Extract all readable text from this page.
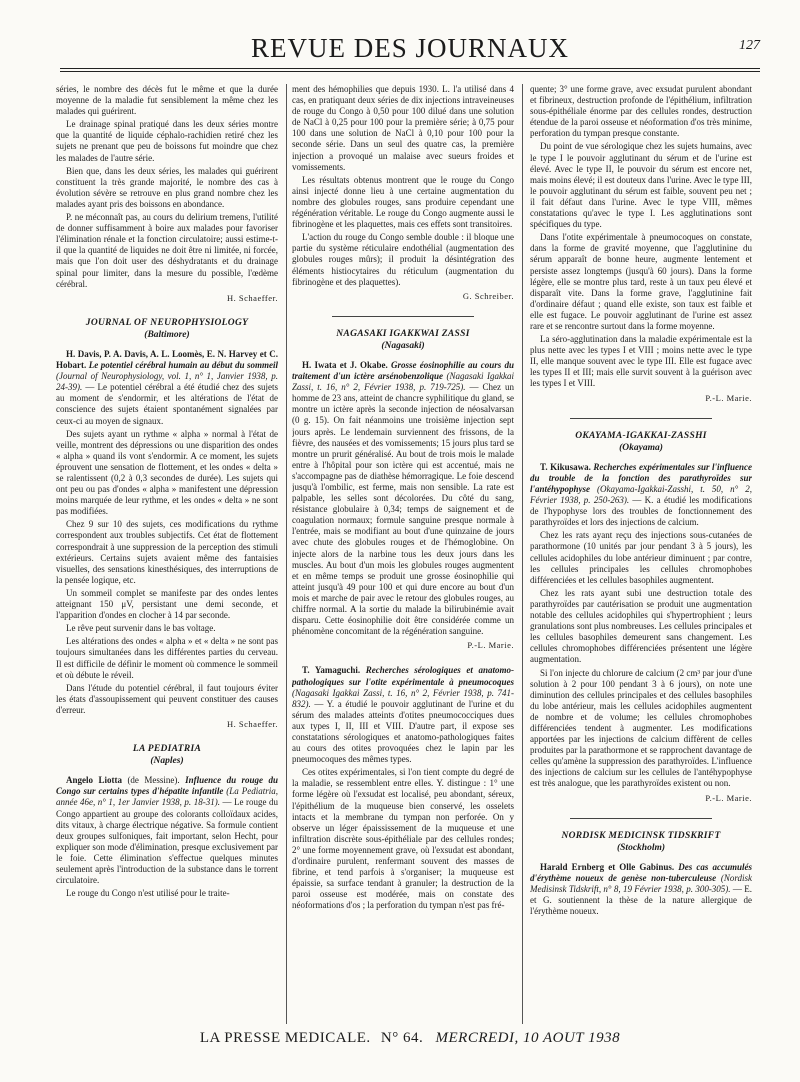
REVUE DES JOURNAUX	127

séries, le nombre des décès fut le même et que la durée moyenne de la maladie fut sensiblement la même chez les malades qui guérirent.

Le drainage spinal pratiqué dans les deux séries montre que la quantité de liquide céphalo-rachidien retiré chez les sujets ne prenant que peu de boissons fut moindre que chez les malades de l'autre série.

Bien que, dans les deux séries, les malades qui guérirent constituent la très grande majorité, le nombre des cas à évolution sévère se retrouve en plus grand nombre chez les malades ayant pris des boissons en abondance.

P. ne méconnaît pas, au cours du delirium tremens, l'utilité de donner suffisamment à boire aux malades pour favoriser l'élimination rénale et la fonction circulatoire; aussi estime-t-il que la quantité de liquides ne doit être ni limitée, ni forcée, mais que l'on doit user des déshydratants et du drainage spinal pour limiter, dans la mesure du possible, l'œdème cérébral.

H. Schaeffer.
JOURNAL OF NEUROPHYSIOLOGY
(Baltimore)

H. Davis, P. A. Davis, A. L. Loomès, E. N. Harvey et C. Hobart. Le potentiel cérébral humain au début du sommeil (Journal of Neurophysiology, vol. 1, n° 1, Janvier 1938, p. 24-39). — Le potentiel cérébral a été étudié chez des sujets au moment de s'endormir, et les altérations de l'état de conscience des sujets étaient spontanément signalées par ceux-ci au moyen de signaux.

Des sujets ayant un rythme « alpha » normal à l'état de veille, montrent des dépressions ou une disparition des ondes « alpha » quand ils vont s'endormir. A ce moment, les sujets éprouvent une sensation de flottement, et les ondes « delta » se ralentissent (0,2 à 0,3 secondes de durée). Les sujets qui ont peu ou pas d'ondes « alpha » manifestent une dépression moins marquée de leur rythme, et les ondes « delta » ne sont pas modifiées.

Chez 9 sur 10 des sujets, ces modifications du rythme correspondent aux troubles subjectifs. Cet état de flottement correspondrait à une suppression de la perception des stimuli extérieurs. Certains sujets avaient même des fantaisies visuelles, des sensations kinesthésiques, des interruptions de la pensée logique, etc.

Un sommeil complet se manifeste par des ondes lentes atteignant 150 μV, persistant une demi seconde, et l'apparition d'ondes en clocher à 14 par seconde.

Le rêve peut survenir dans le bas voltage.

Les altérations des ondes « alpha » et « delta » ne sont pas toujours simultanées dans les différentes parties du cerveau. Il est difficile de définir le moment où commence le sommeil et où débute le réveil.

Dans l'étude du potentiel cérébral, il faut toujours éviter les états d'assoupissement qui peuvent constituer des causes d'erreur.

H. Schaeffer.
LA PEDIATRIA
(Naples)

Angelo Liotta (de Messine). Influence du rouge du Congo sur certains types d'hépatite infantile (La Pediatria, année 46e, n° 1, 1er Janvier 1938, p. 18-31). — Le rouge du Congo appartient au groupe des colorants colloïdaux acides, dits vitaux, à charge électrique négative. Sa formule contient deux groupes sulfoniques, fait important, selon Hecht, pour expliquer son mode d'élimination, presque exclusivement par le foie. Cette élimination s'effectue quelques minutes seulement après l'introduction de la substance dans le torrent circulatoire.

Le rouge du Congo n'est utilisé pour le traite-

ment des hémophilies que depuis 1930. L. l'a utilisé dans 4 cas, en pratiquant deux séries de dix injections intraveineuses de rouge du Congo à 0,50 pour 100 dilué dans une solution de NaCl à 0,25 pour 100 pour la première série; à 0,75 pour 100 dans une solution de NaCl à 0,10 pour 100 pour la seconde série. Dans un seul des quatre cas, la première injection a provoqué un malaise avec sueurs froides et vomissements.

Les résultats obtenus montrent que le rouge du Congo ainsi injecté donne lieu à une certaine augmentation du nombre des globules rouges, sans produire cependant une régénération véritable. Le rouge du Congo augmente aussi le fibrinogène et les plaquettes, mais ces effets sont transitoires.

L'action du rouge du Congo semble double : il bloque une partie du système réticulaire endothélial (augmentation des globules rouges mûrs); il produit la désintégration des éléments histiocytaires du réticulum (augmentation du fibrinogène et des plaquettes).

G. Schreiber.
NAGASAKI IGAKKWAI ZASSI
(Nagasaki)

H. Iwata et J. Okabe. Grosse éosinophilie au cours du traitement d'un ictère arsénobenzolique (Nagasaki Igakkai Zassi, t. 16, n° 2, Février 1938, p. 719-725). — Chez un homme de 23 ans, atteint de chancre syphilitique du gland, se montre un ictère après la seconde injection de néosalvarsan (0 g. 15). On fait néanmoins une troisième injection sept jours après. Le lendemain surviennent des frissons, de la fièvre, des nausées et des vomissements; 15 jours plus tard se montre un prurit généralisé. Au bout de trois mois le malade entre à l'hôpital pour son ictère qui est accentué, mais ne s'accompagne pas de diathèse hémorragique. Le foie descend jusqu'à l'ombilic, est ferme, mais non sensible. La rate est palpable, les selles sont décolorées. Du côté du sang, résistance globulaire à 0,34; temps de saignement et de coagulation normaux; formule sanguine presque normale à l'entrée, mais se modifiant au bout d'une quinzaine de jours avec chute des globules rouges et de l'hémoglobine. On injecte alors de la narbine tous les deux jours dans les muscles. Au bout d'un mois les globules rouges augmentent et en même temps se produit une grosse éosinophilie qui atteint jusqu'à 49 pour 100 et qui dure encore au bout d'un mois et marche de pair avec le retour des globules rouges, au chiffre normal. A la sortie du malade la bilirubinémie avait disparu. Cette éosinophilie doit être considérée comme un phénomène concomitant de la régénération sanguine.

P.-L. Marie.

T. Yamaguchi. Recherches sérologiques et anatomo-pathologiques sur l'otite expérimentale à pneumocoques (Nagasaki Igakkai Zassi, t. 16, n° 2, Février 1938, p. 741-832). — Y. a étudié le pouvoir agglutinant de l'urine et du sérum des malades atteints d'otites pneumococciques dues aux types I, II, III et VIII. D'autre part, il expose ses constatations sérologiques et anatomo-pathologiques faites au cours des otites provoquées chez le lapin par les pneumocoques des mêmes types.

Ces otites expérimentales, si l'on tient compte du degré de la maladie, se ressemblent entre elles. Y. distingue : 1° une forme légère où l'exsudat est localisé, peu abondant, séreux, l'épithélium de la muqueuse bien conservé, les osselets intacts et la membrane du tympan non perforée. On y observe un léger épaississement de la muqueuse et une infiltration discrète sous-épithéliale par des cellules rondes; 2° une forme moyennement grave, où l'exsudat est abondant, d'ordinaire purulent, renfermant souvent des masses de fibrine, et tend parfois à s'organiser; la muqueuse est épaissie, sa surface tendant à granuler; la destruction de la paroi osseuse est modérée, mais on constate des néoformations d'os ; la perforation du tympan n'est pas fré-

quente; 3° une forme grave, avec exsudat purulent abondant et fibrineux, destruction profonde de l'épithélium, infiltration sous-épithéliale énorme par des cellules rondes, destruction étendue de la paroi osseuse et néoformation d'os très minime, perforation du tympan presque constante.

Du point de vue sérologique chez les sujets humains, avec le type I le pouvoir agglutinant du sérum et de l'urine est élevé. Avec le type II, le pouvoir du sérum est encore net, mais moins élevé; il est douteux dans l'urine. Avec le type III, le pouvoir agglutinant du sérum est faible, souvent peu net ; il fait défaut dans l'urine. Avec le type VIII, mêmes constatations qu'avec le type I. Les agglutinations sont spécifiques du type.

Dans l'otite expérimentale à pneumocoques on constate, dans la forme de gravité moyenne, que l'agglutinine du sérum apparaît de bonne heure, augmente lentement et persiste assez longtemps (jusqu'à 60 jours). Dans la forme légère, elle se montre plus tard, reste à un taux peu élevé et disparaît vite. Dans la forme grave, l'agglutinine fait d'ordinaire défaut ; quand elle existe, son taux est faible et elle est fugace. Le pouvoir agglutinant de l'urine est assez rare et se rencontre surtout dans la forme moyenne.

La séro-agglutination dans la maladie expérimentale est la plus nette avec les types I et VIII ; moins nette avec le type II, elle manque souvent avec le type III. Elle est fugace avec les types II et III; mais elle survit souvent à la guérison avec les types I et VIII.

P.-L. Marie.
OKAYAMA-IGAKKAI-ZASSHI
(Okayama)

T. Kikusawa. Recherches expérimentales sur l'influence du trouble de la fonction des parathyroïdes sur l'antéhypophyse (Okayama-Igakkai-Zasshi, t. 50, n° 2, Février 1938, p. 250-263). — K. a étudié les modifications de l'hypophyse lors des troubles de fonctionnement des parathyroïdes et lors des injections de calcium.

Chez les rats ayant reçu des injections sous-cutanées de parathormone (10 unités par jour pendant 3 à 5 jours), les cellules acidophiles du lobe antérieur diminuent ; par contre, les cellules principales les cellules chromophobes différenciées et les cellules basophiles augmentent.

Chez les rats ayant subi une destruction totale des parathyroïdes par cautérisation se produit une augmentation notable des cellules acidophiles qui s'hypertrophient ; leurs granulations sont plus nombreuses. Les cellules principales et les cellules basophiles demeurent sans changement. Les cellules chromophobes différenciées présentent une légère augmentation.

Si l'on injecte du chlorure de calcium (2 cm³ par jour d'une solution à 2 pour 100 pendant 3 à 6 jours), on note une diminution des cellules principales et des cellules basophiles du lobe antérieur, mais les cellules acidophiles augmentent de nombre et de volume; les cellules chromophobes différenciées tendent à augmenter. Les modifications apportées par les injections de calcium diffèrent de celles produites par la parathormone et se rapprochent davantage de celles qu'amène la suppression des parathyroïdes. L'influence des injections de calcium sur les cellules de l'antéhypophyse est très analogue, que les parathyroïdes existent ou non.

P.-L. Marie.
NORDISK MEDICINSK TIDSKRIFT
(Stockholm)

Harald Ernberg et Olle Gabinus. Des cas accumulés d'érythème noueux de genèse non-tuberculeuse (Nordisk Medisinsk Tidskrift, n° 8, 19 Février 1938, p. 300-305). — E. et G. soutiennent la thèse de la nature allergique de l'érythème noueux.

LA PRESSE MEDICALE. N° 64. MERCREDI, 10 AOUT 1938
